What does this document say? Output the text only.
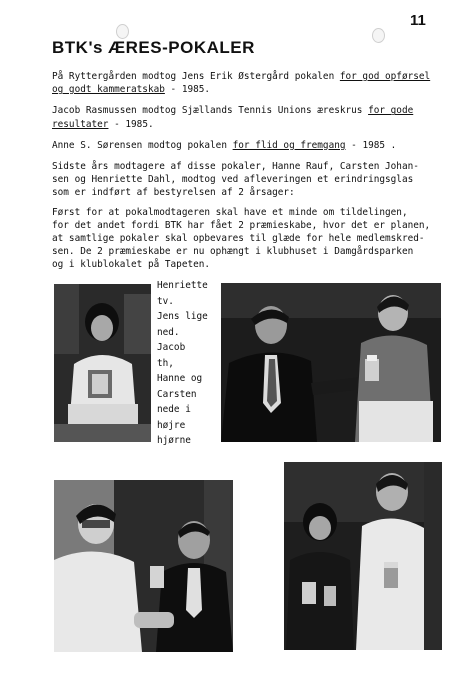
11
BTK's ÆRES-POKALER

På Ryttergården modtog Jens Erik Østergård pokalen for god opførsel
og godt kammeratskab - 1985.

Jacob Rasmussen modtog Sjællands Tennis Unions æreskrus for gode
resultater - 1985.

Anne S. Sørensen modtog pokalen for flid og fremgang - 1985 .

Sidste års modtagere af disse pokaler, Hanne Rauf, Carsten Johan-
sen og Henriette Dahl, modtog ved afleveringen et erindringsglas
som er indført af bestyrelsen af 2 årsager:

Først for at pokalmodtageren skal have et minde om tildelingen,
for det andet fordi BTK har fået 2 præmieskabe, hvor det er planen,
at samtlige pokaler skal opbevares til glæde for hele medlemskred-
sen. De 2 præmieskabe er nu ophængt i klubhuset i Damgårdsparken
og i klublokalet på Tapeten.

Henriette
tv.
Jens lige
ned.
Jacob
th,
Hanne og
Carsten
nede i
højre
hjørne
